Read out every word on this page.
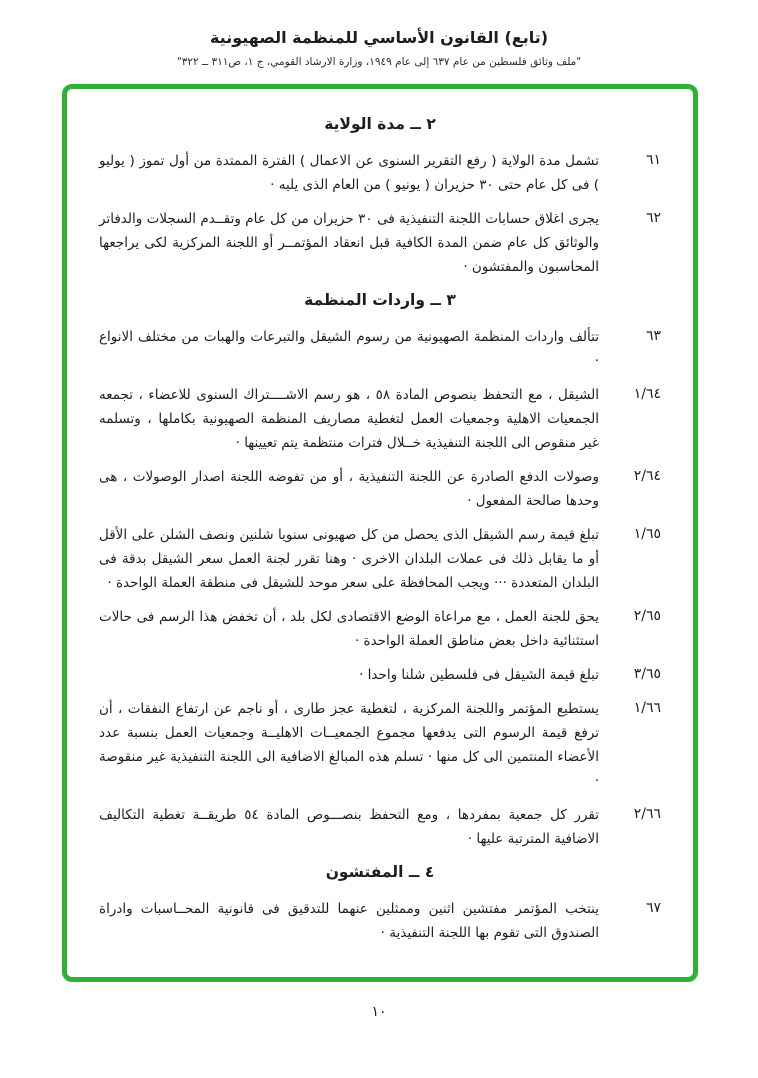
(تابع) القانون الأساسي للمنظمة الصهيونية
"ملف وثائق فلسطين من عام ٦٣٧ إلى عام ١٩٤٩، وزارة الارشاد القومي، ج ١، ص٣١١ ــ ٣٢٢"
٢ ــ مدة الولاية
٦١

تشمل مدة الولاية ( رفع التقرير السنوى عن الاعمال ) الفترة الممتدة من أول تموز ( يوليو ) فى كل عام حتى ٣٠ حزيران ( يونيو ) من العام الذى يليه ·

٦٢

يجرى اغلاق حسابات اللجنة التنفيذية فى ٣٠ حزيران من كل عام وتقــدم السجلات والدفاتر والوثائق كل عام ضمن المدة الكافية قبل انعقاد المؤتمــر أو اللجنة المركزية لكى يراجعها المحاسبون والمفتشون ·

٣ ــ واردات المنظمة
٦٣

تتألف واردات المنظمة الصهيونية من رسوم الشيقل والتبرعات والهبات من مختلف الانواع ·

١/٦٤

الشيقل ، مع التحفظ بنصوص المادة ٥٨ ، هو رسم الاشــــتراك السنوى للاعضاء ، تجمعه الجمعيات الاهلية وجمعيات العمل لتغطية مصاريف المنظمة الصهيونية بكاملها ، وتسلمه غير منقوص الى اللجنة التنفيذية خــلال فترات منتظمة يتم تعيينها ·

٢/٦٤

وصولات الدفع الصادرة عن اللجنة التنفيذية ، أو من تفوضه اللجنة اصدار الوصولات ، هى وحدها صالحة المفعول ·

١/٦٥

تبلغ قيمة رسم الشيقل الذى يحصل من كل صهيونى سنويا شلنين ونصف الشلن على الأقل أو ما يقابل ذلك فى عملات البلدان الاخرى · وهنا تقرر لجنة العمل سعر الشيقل بدقة فى البلدان المتعددة ··· ويجب المحافظة على سعر موحد للشيقل فى منطقة العملة الواحدة ·

٢/٦٥

يحق للجنة العمل ، مع مراعاة الوضع الاقتصادى لكل بلد ، أن تخفض هذا الرسم فى حالات استثنائية داخل بعض مناطق العملة الواحدة ·

٣/٦٥

تبلغ قيمة الشيقل فى فلسطين شلنا واحدا ·

١/٦٦

يستطيع المؤتمر واللجنة المركزية ، لتغطية عجز طارى ، أو ناجم عن ارتفاع النفقات ، أن ترفع قيمة الرسوم التى يدفعها مجموع الجمعيــات الاهليــة وجمعيات العمل بنسبة عدد الأعضاء المنتمين الى كل منها · تسلم هذه المبالغ الاضافية الى اللجنة التنفيذية غير منقوصة ·

٢/٦٦

تقرر كل جمعية بمفردها ، ومع التحفظ بنصـــوص المادة ٥٤ طريقــة تغطية التكاليف الاضافية المترتبة عليها ·

٤ ــ المفتشون
٦٧

ينتخب المؤتمر مفتشين اثنين وممثلين عنهما للتدقيق فى قانونية المحــاسبات وادراة الصندوق التى تقوم بها اللجنة التنفيذية ·

١٠
